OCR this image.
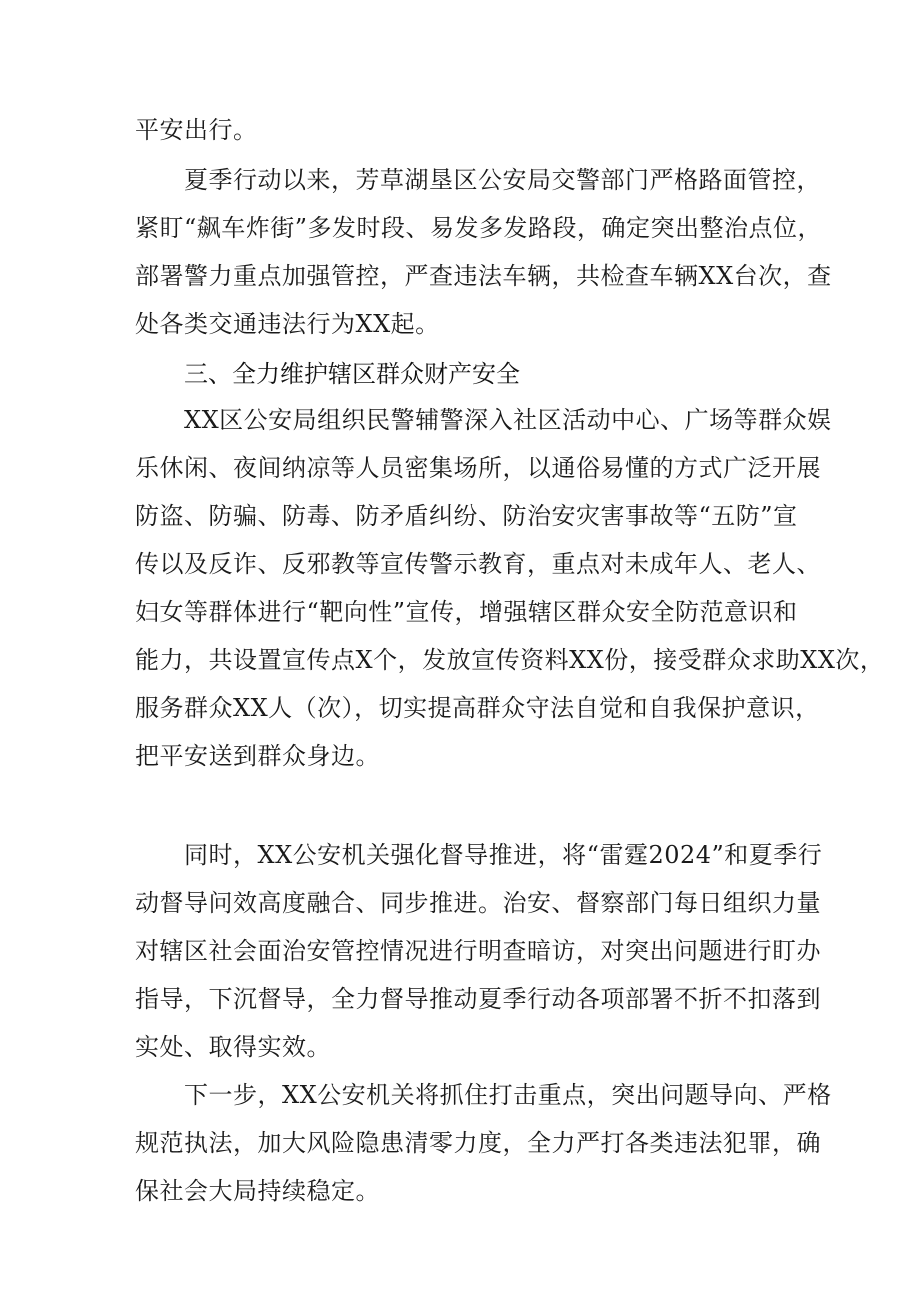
平安出行。
夏季行动以来，芳草湖垦区公安局交警部门严格路面管控，
紧盯“飙车炸街”多发时段、易发多发路段，确定突出整治点位，
部署警力重点加强管控，严查违法车辆，共检查车辆XX台次，查
处各类交通违法行为XX起。
三、全力维护辖区群众财产安全
XX区公安局组织民警辅警深入社区活动中心、广场等群众娱
乐休闲、夜间纳凉等人员密集场所，以通俗易懂的方式广泛开展
防盗、防骗、防毒、防矛盾纠纷、防治安灾害事故等“五防”宣
传以及反诈、反邪教等宣传警示教育，重点对未成年人、老人、
妇女等群体进行“靶向性”宣传，增强辖区群众安全防范意识和
能力，共设置宣传点X个，发放宣传资料XX份，接受群众求助XX次，
服务群众XX人（次），切实提高群众守法自觉和自我保护意识，
把平安送到群众身边。
同时，XX公安机关强化督导推进，将“雷霆2024”和夏季行
动督导问效高度融合、同步推进。治安、督察部门每日组织力量
对辖区社会面治安管控情况进行明查暗访，对突出问题进行盯办
指导，下沉督导，全力督导推动夏季行动各项部署不折不扣落到
实处、取得实效。
下一步，XX公安机关将抓住打击重点，突出问题导向、严格
规范执法，加大风险隐患清零力度，全力严打各类违法犯罪，确
保社会大局持续稳定。
